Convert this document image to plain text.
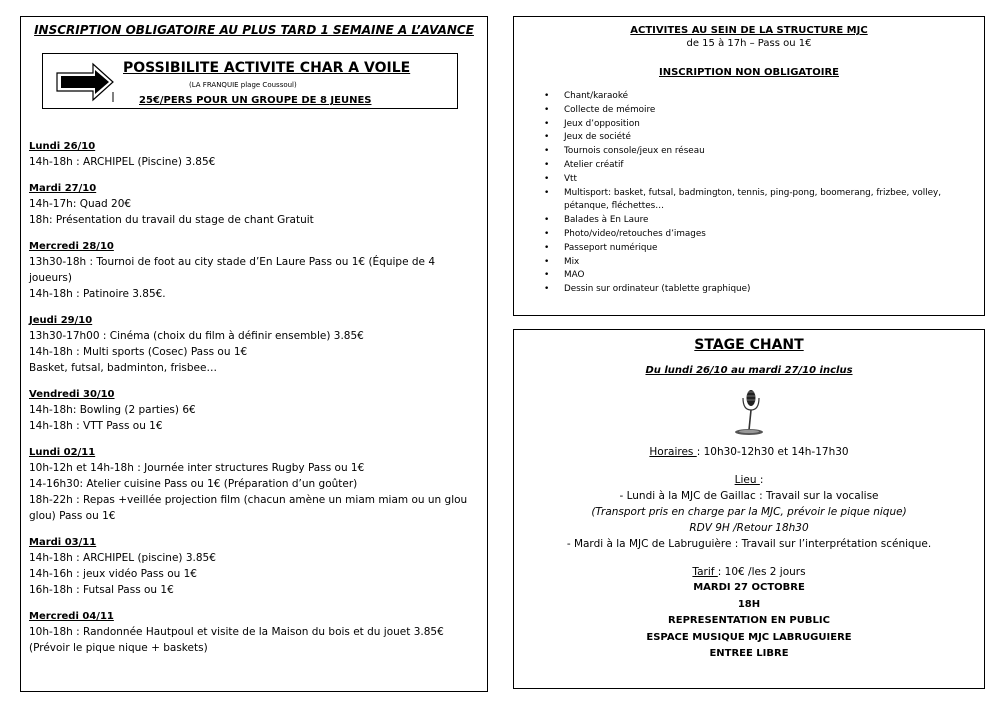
INSCRIPTION OBLIGATOIRE AU PLUS TARD 1 SEMAINE A L’AVANCE
POSSIBILITE ACTIVITE CHAR A VOILE
(LA FRANQUIE plage Coussoul)
25€/PERS POUR UN GROUPE DE 8 JEUNES
Lundi 26/10
14h-18h : ARCHIPEL (Piscine) 3.85€
Mardi 27/10
14h-17h: Quad 20€
18h: Présentation du travail du stage de chant Gratuit
Mercredi 28/10
13h30-18h : Tournoi de foot au city stade d’En Laure Pass ou 1€ (Équipe de 4
joueurs)
14h-18h : Patinoire 3.85€.
Jeudi 29/10
13h30-17h00 : Cinéma (choix du film à définir ensemble) 3.85€
14h-18h : Multi sports (Cosec) Pass ou 1€
Basket, futsal, badminton, frisbee…
Vendredi 30/10
14h-18h: Bowling (2 parties) 6€
14h-18h : VTT Pass ou 1€
Lundi 02/11
10h-12h et 14h-18h : Journée inter structures Rugby Pass ou 1€
14-16h30: Atelier cuisine Pass ou 1€ (Préparation d’un goûter)
18h-22h : Repas +veillée projection film (chacun amène un miam miam ou un glou
glou) Pass ou 1€
Mardi 03/11
14h-18h : ARCHIPEL (piscine) 3.85€
14h-16h : jeux vidéo Pass ou 1€
16h-18h : Futsal Pass ou 1€
Mercredi 04/11
10h-18h : Randonnée Hautpoul et visite de la Maison du bois et du jouet 3.85€
(Prévoir le pique nique + baskets)
ACTIVITES AU SEIN DE LA STRUCTURE MJC
de 15 à 17h – Pass ou 1€
INSCRIPTION NON OBLIGATOIRE
• Chant/karaoké
• Collecte de mémoire
• Jeux d’opposition
• Jeux de société
• Tournois console/jeux en réseau
• Atelier créatif
• Vtt
• Multisport: basket, futsal, badmington, tennis, ping-pong, boomerang, frizbee, volley,
pétanque, fléchettes…
• Balades à En Laure
• Photo/video/retouches d’images
• Passeport numérique
• Mix
• MAO
• Dessin sur ordinateur (tablette graphique)
STAGE CHANT
Du lundi 26/10 au mardi 27/10 inclus
Horaires : 10h30-12h30 et 14h-17h30
Lieu :
- Lundi à la MJC de Gaillac : Travail sur la vocalise
(Transport pris en charge par la MJC, prévoir le pique nique)
RDV 9H /Retour 18h30
- Mardi à la MJC de Labruguière : Travail sur l’interprétation scénique.
Tarif : 10€ /les 2 jours
MARDI 27 OCTOBRE
18H
REPRESENTATION EN PUBLIC
ESPACE MUSIQUE MJC LABRUGUIERE
ENTREE LIBRE
